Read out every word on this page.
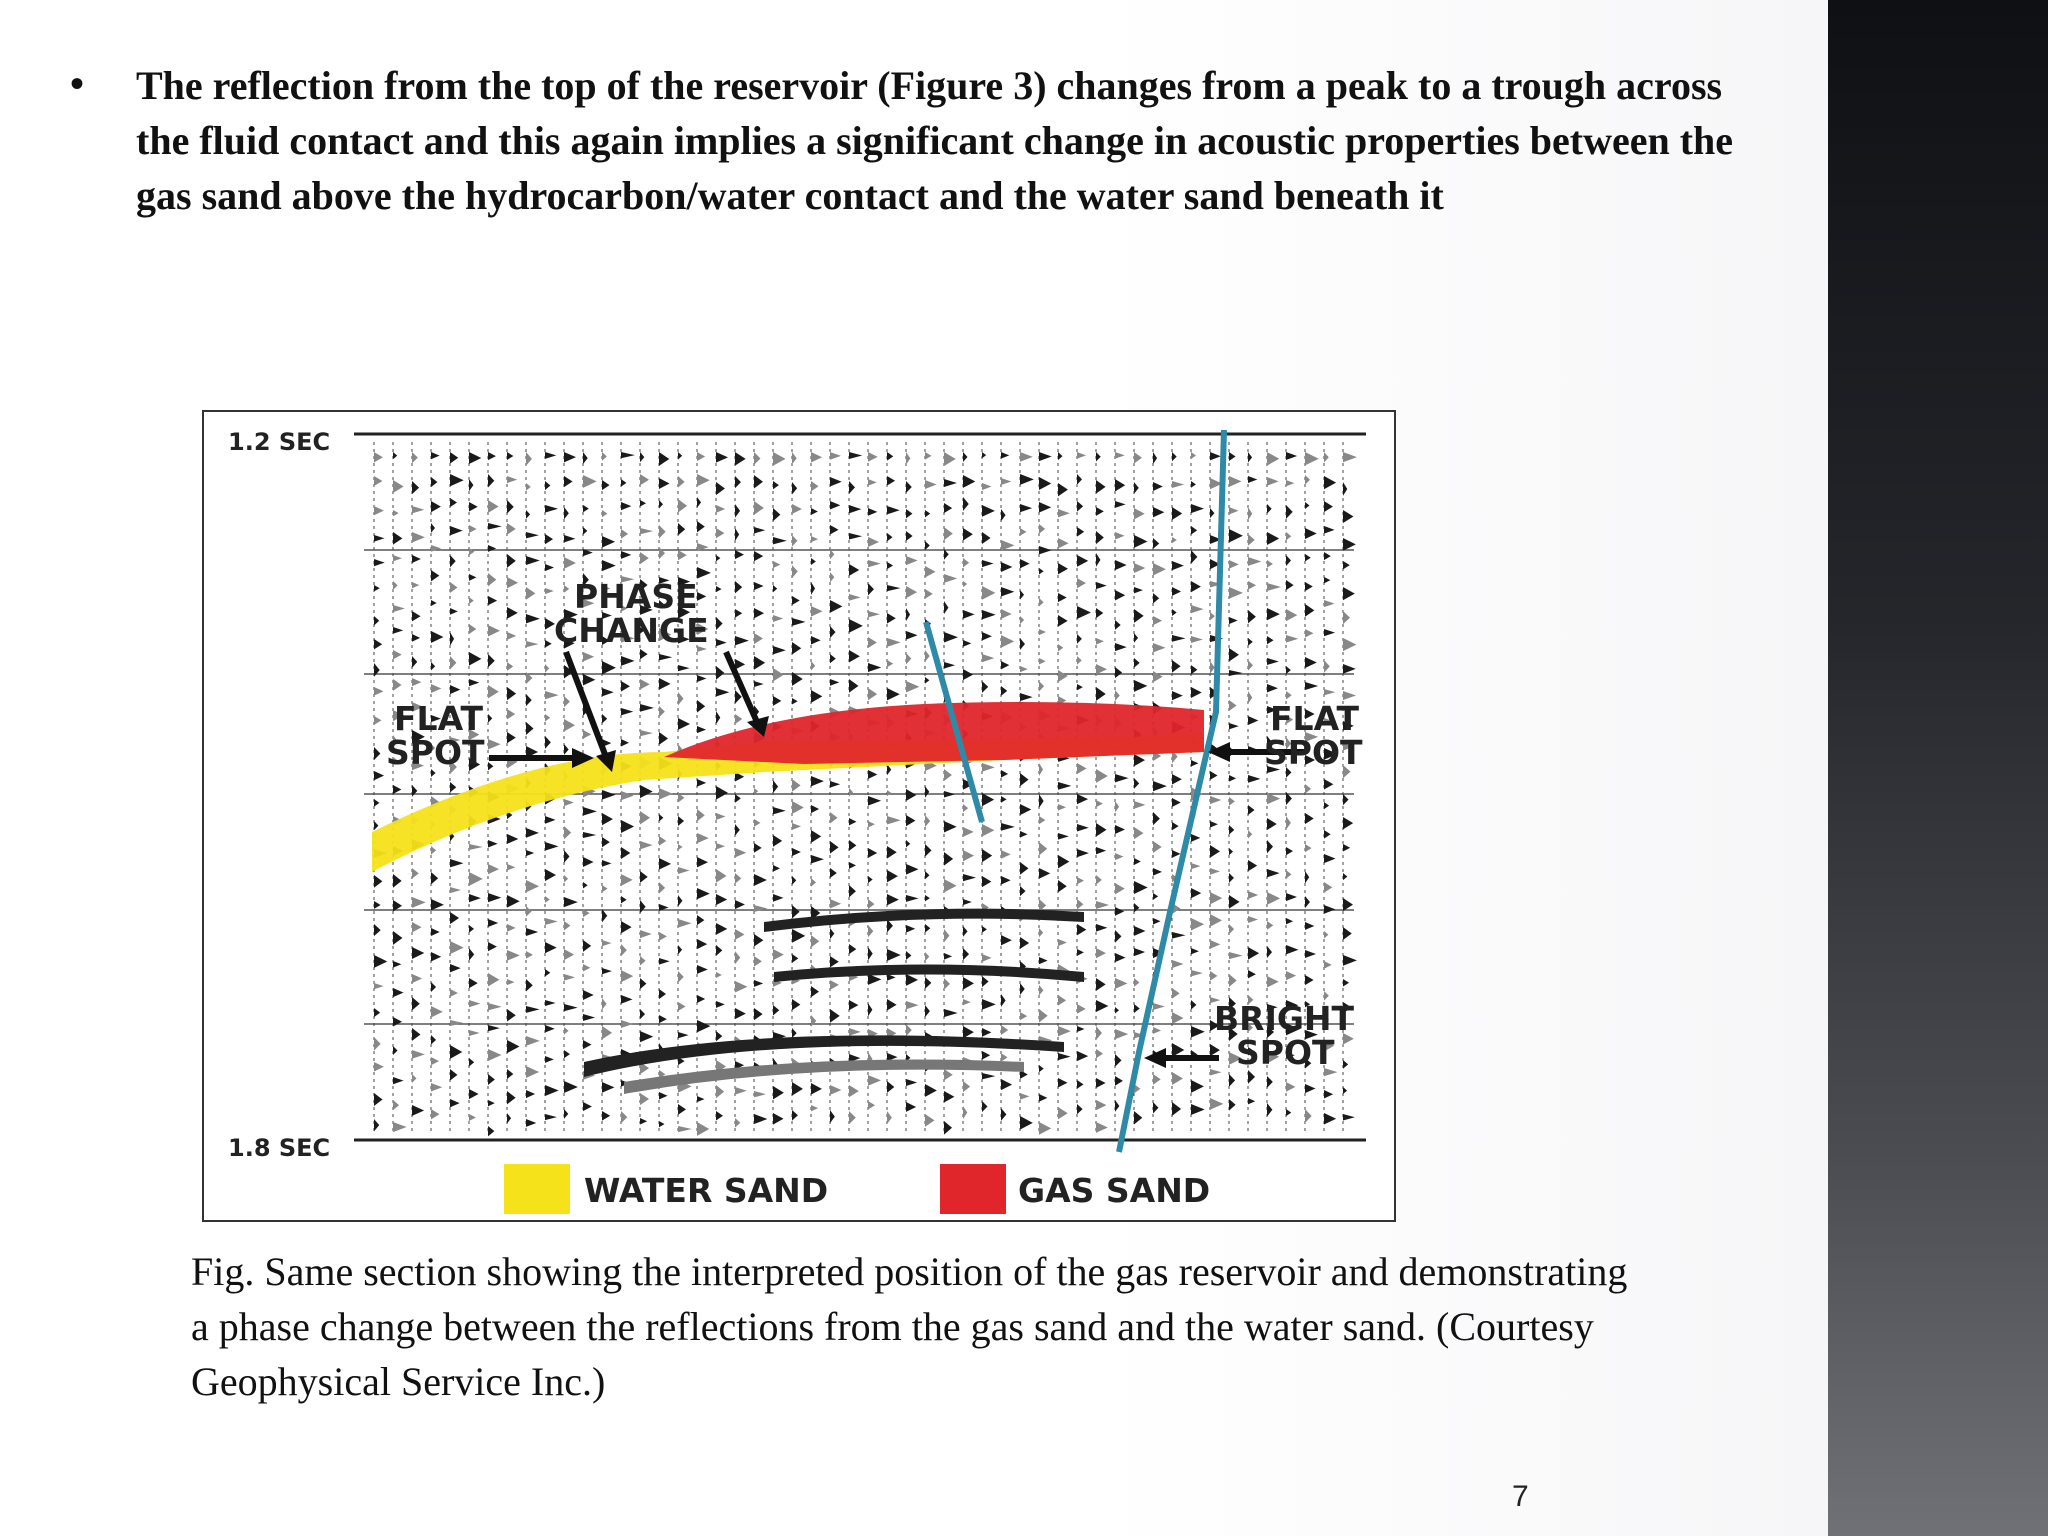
• The reflection from the top of the reservoir (Figure 3) changes from a peak to a trough across the fluid contact and this again implies a significant change in acoustic properties between the gas sand above the hydrocarbon/water contact and the water sand beneath it
1.2 SEC
1.8 SEC
PHASE
CHANGE
FLAT
SPOT
FLAT
SPOT
BRIGHT
SPOT
WATER SAND	GAS SAND
Fig. Same section showing the interpreted position of the gas reservoir and demonstrating a phase change between the reflections from the gas sand and the water sand. (Courtesy Geophysical Service Inc.)
7
